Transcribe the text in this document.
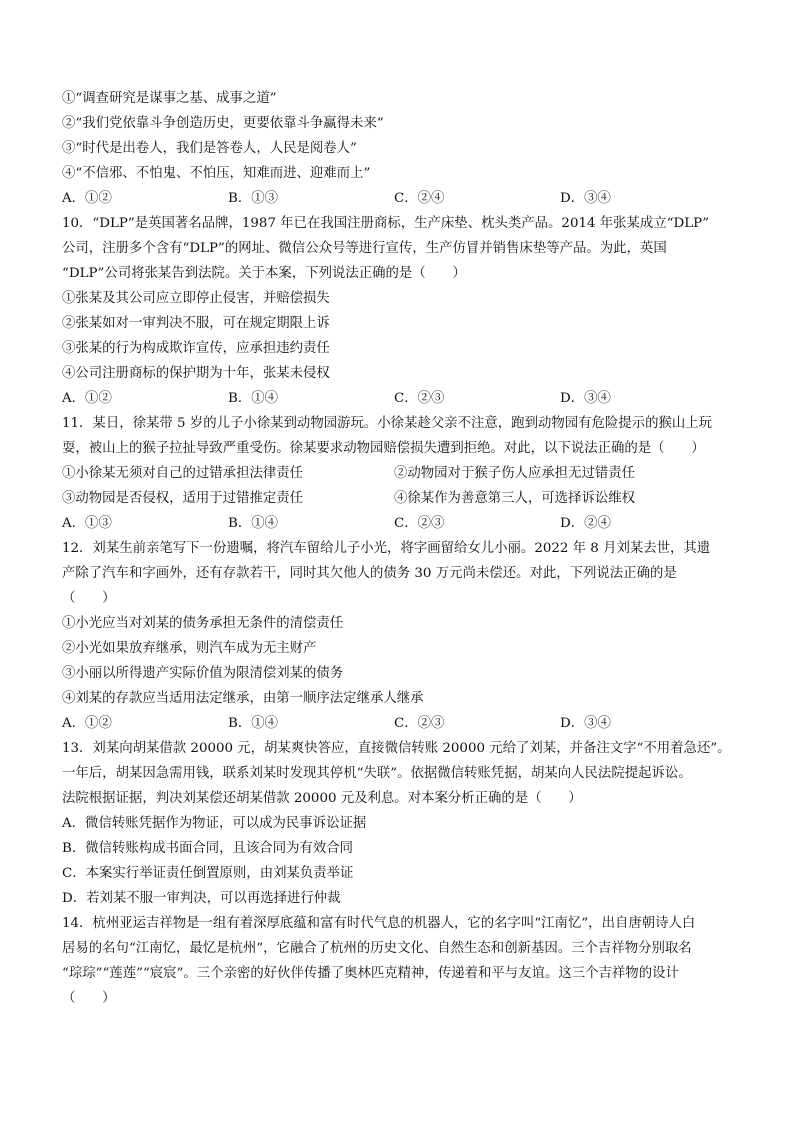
①“调查研究是谋事之基、成事之道”
②“我们党依靠斗争创造历史，更要依靠斗争赢得未来”
③“时代是出卷人，我们是答卷人，人民是阅卷人”
④“不信邪、不怕鬼、不怕压，知难而进、迎难而上”
A．①②	B．①③	C．②④	D．③④
10．“DLP”是英国著名品牌，1987 年已在我国注册商标，生产床垫、枕头类产品。2014 年张某成立“DLP”
公司，注册多个含有“DLP”的网址、微信公众号等进行宣传，生产仿冒并销售床垫等产品。为此，英国
“DLP”公司将张某告到法院。关于本案，下列说法正确的是（　　）
①张某及其公司应立即停止侵害，并赔偿损失
②张某如对一审判决不服，可在规定期限上诉
③张某的行为构成欺诈宣传，应承担违约责任
④公司注册商标的保护期为十年，张某未侵权
A．①②	B．①④	C．②③	D．③④
11．某日，徐某带 5 岁的儿子小徐某到动物园游玩。小徐某趁父亲不注意，跑到动物园有危险提示的猴山上玩
耍，被山上的猴子拉扯导致严重受伤。徐某要求动物园赔偿损失遭到拒绝。对此，以下说法正确的是（　　）
①小徐某无须对自己的过错承担法律责任	②动物园对于猴子伤人应承担无过错责任
③动物园是否侵权，适用于过错推定责任	④徐某作为善意第三人，可选择诉讼维权
A．①③	B．①④	C．②③	D．②④
12．刘某生前亲笔写下一份遗嘱，将汽车留给儿子小光，将字画留给女儿小丽。2022 年 8 月刘某去世，其遗
产除了汽车和字画外，还有存款若干，同时其欠他人的债务 30 万元尚未偿还。对此，下列说法正确的是
（　　）
①小光应当对刘某的债务承担无条件的清偿责任
②小光如果放弃继承，则汽车成为无主财产
③小丽以所得遗产实际价值为限清偿刘某的债务
④刘某的存款应当适用法定继承，由第一顺序法定继承人继承
A．①②	B．①④	C．②③	D．③④
13．刘某向胡某借款 20000 元，胡某爽快答应，直接微信转账 20000 元给了刘某，并备注文字“不用着急还”。
一年后，胡某因急需用钱，联系刘某时发现其停机“失联”。依据微信转账凭据，胡某向人民法院提起诉讼。
法院根据证据，判决刘某偿还胡某借款 20000 元及利息。对本案分析正确的是（　　）
A．微信转账凭据作为物证，可以成为民事诉讼证据
B．微信转账构成书面合同，且该合同为有效合同
C．本案实行举证责任倒置原则，由刘某负责举证
D．若刘某不服一审判决，可以再选择进行仲裁
14．杭州亚运吉祥物是一组有着深厚底蕴和富有时代气息的机器人，它的名字叫“江南忆”，出自唐朝诗人白
居易的名句“江南忆，最忆是杭州”，它融合了杭州的历史文化、自然生态和创新基因。三个吉祥物分别取名
“琮琮”“莲莲”“宸宸”。三个亲密的好伙伴传播了奥林匹克精神，传递着和平与友谊。这三个吉祥物的设计
（　　）
